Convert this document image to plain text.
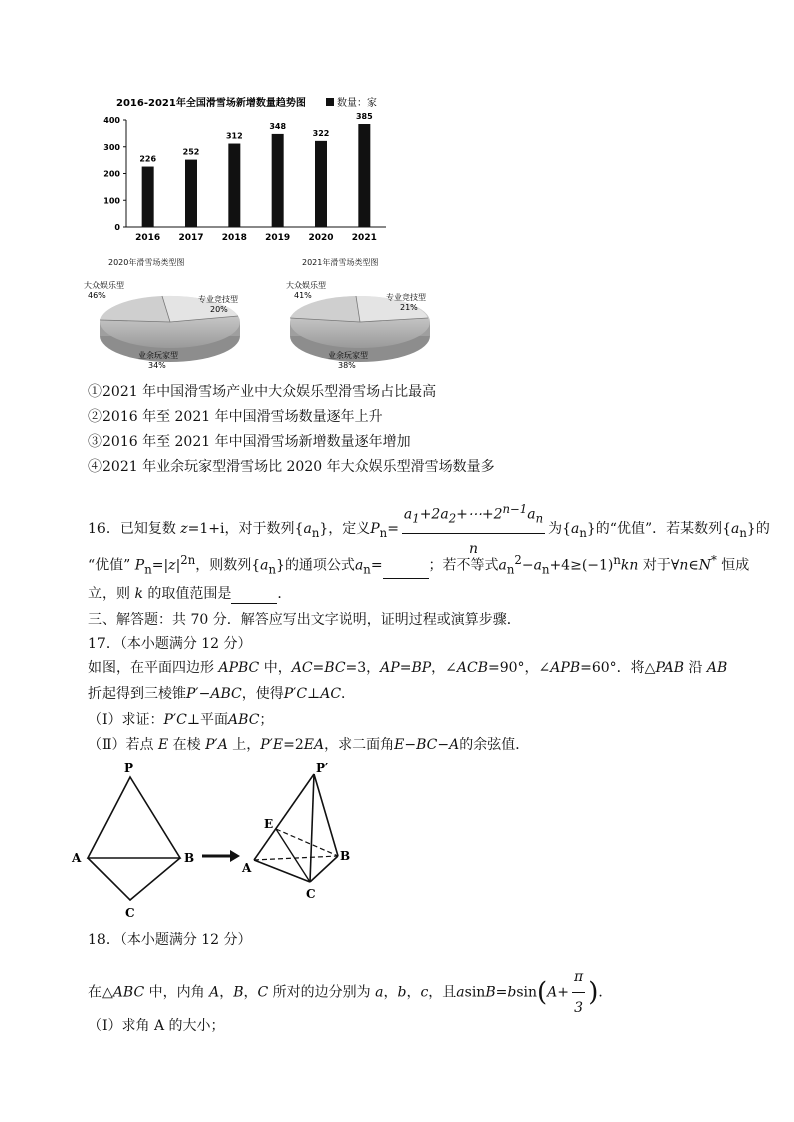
2016-2021年全国滑雪场新增数量趋势图	数量：家
0
100
200
300
400
226
2016
252
2017
312
2018
348
2019
322
2020
385
2021
2020年滑雪场类型图	2021年滑雪场类型图
大众娱乐型
46%	专业竞技型
20%
业余玩家型
34%
大众娱乐型
41%	专业竞技型
21%
业余玩家型
38%
①2021 年中国滑雪场产业中大众娱乐型滑雪场占比最高
②2016 年至 2021 年中国滑雪场数量逐年上升
③2016 年至 2021 年中国滑雪场新增数量逐年增加
④2021 年业余玩家型滑雪场比 2020 年大众娱乐型滑雪场数量多
16．已知复数 z=1+i，对于数列$\{a_n\}$，定义$P_n= \frac{a_1+2a_2+\cdots+2^{n-1}a_n}{n}$ 为$\{a_n\}$的“优值”．若某数列$\{a_n\}$的
“优值” $P_n=|z|^{2n}$，则数列$\{a_n\}$的通项公式$a_n=$	；若不等式$a_n^2-a_n+4\ge(-1)^nkn$ 对于∀n∈N* 恒成
立，则 k 的取值范围是	．
三、解答题：共 70 分．解答应写出文字说明，证明过程或演算步骤．
17．（本小题满分 12 分）
如图，在平面四边形 APBC 中，AC=BC=3，AP=BP，∠ACB=90°，∠APB=60°．将△PAB 沿 AB
折起得到三棱锥P′−ABC，使得P′C⊥AC．
（Ⅰ）求证：P′C⊥平面ABC；
（Ⅱ）若点 E 在棱 P′A 上，P′E=2EA，求二面角E−BC−A的余弦值．
P
A	B
C
P′
E
A
B
C
18．（本小题满分 12 分）
在△ABC 中，内角 A，B，C 所对的边分别为 a，b，c，且$asinB=bsin(A+ \frac{\pi}{3}$ )．
（Ⅰ）求角 A 的大小；
